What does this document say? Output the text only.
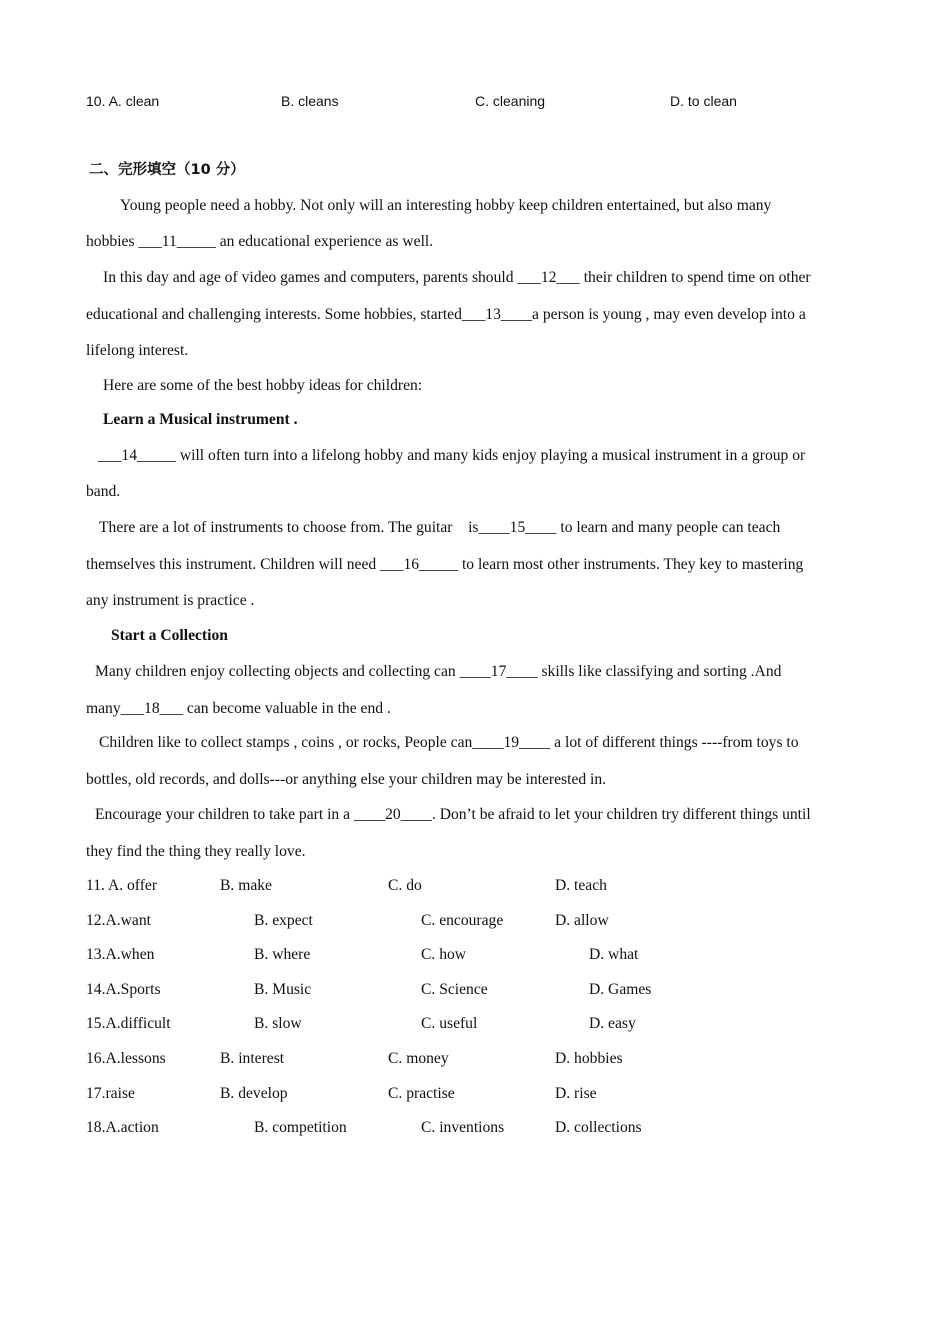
10. A. clean	B. cleans	C. cleaning	D. to clean
二、完形填空（10 分）
Young people need a hobby. Not only will an interesting hobby keep children entertained, but also many
hobbies ___11_____ an educational experience as well.
In this day and age of video games and computers, parents should ___12___ their children to spend time on other
educational and challenging interests. Some hobbies, started___13____a person is young , may even develop into a
lifelong interest.
Here are some of the best hobby ideas for children:
Learn a Musical instrument .
___14_____ will often turn into a lifelong hobby and many kids enjoy playing a musical instrument in a group or
band.
There are a lot of instruments to choose from. The guitar    is____15____ to learn and many people can teach
themselves this instrument. Children will need ___16_____ to learn most other instruments. They key to mastering
any instrument is practice .
Start a Collection
Many children enjoy collecting objects and collecting can ____17____ skills like classifying and sorting .And
many___18___ can become valuable in the end .
Children like to collect stamps , coins , or rocks, People can____19____ a lot of different things ----from toys to
bottles, old records, and dolls---or anything else your children may be interested in.
Encourage your children to take part in a ____20____. Don’t be afraid to let your children try different things until
they find the thing they really love.
11. A. offer	B. make	C. do	D. teach
12.A.want	B. expect	C. encourage	D. allow
13.A.when	B. where	C. how	D. what
14.A.Sports	B. Music	C. Science	D. Games
15.A.difficult	B. slow	C. useful	D. easy
16.A.lessons	B. interest	C. money	D. hobbies
17.raise	B. develop	C. practise	D. rise
18.A.action	B. competition	C. inventions	D. collections
